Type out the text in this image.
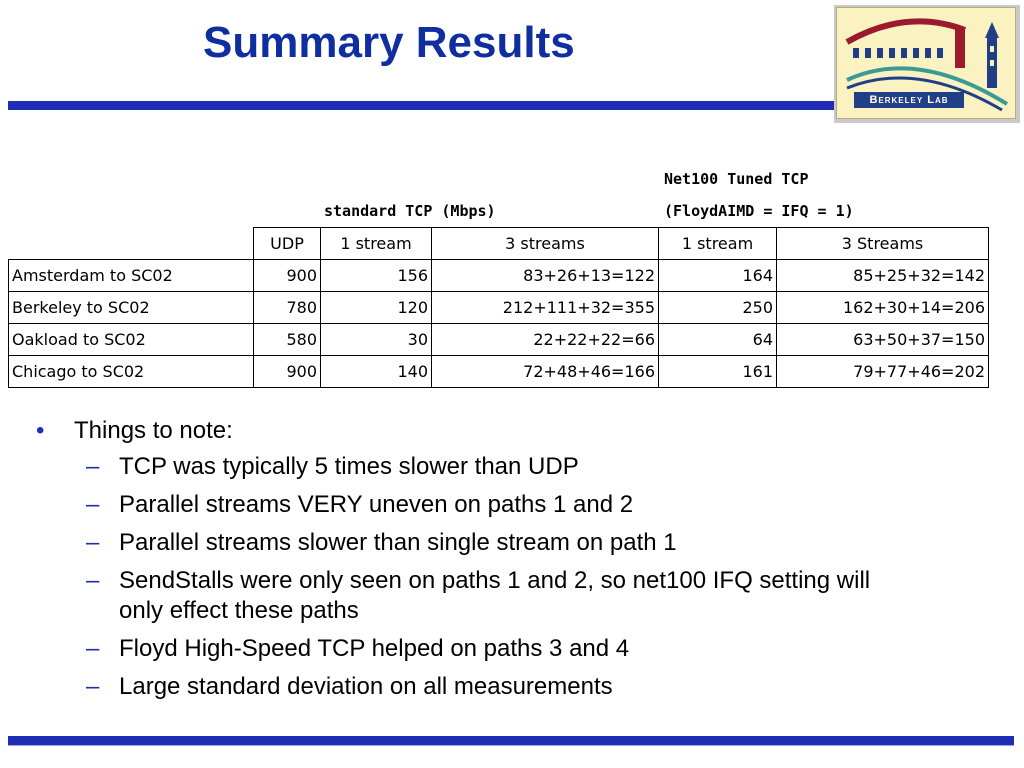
Summary Results
Berkeley Lab
Net100 Tuned TCP
standard TCP (Mbps)	(FloydAIMD = IFQ = 1)
	UDP	1 stream	3 streams	1 stream	3 Streams
Amsterdam to SC02	900	156	83+26+13=122	164	85+25+32=142
Berkeley to SC02	780	120	212+111+32=355	250	162+30+14=206
Oakload to SC02	580	30	22+22+22=66	64	63+50+37=150
Chicago to SC02	900	140	72+48+46=166	161	79+77+46=202
• Things to note:
– TCP was typically 5 times slower than UDP
– Parallel streams VERY uneven on paths 1 and 2
– Parallel streams slower than single stream on path 1
– SendStalls were only seen on paths 1 and 2, so net100 IFQ setting will only effect these paths
– Floyd High-Speed TCP helped on paths 3 and 4
– Large standard deviation on all measurements
